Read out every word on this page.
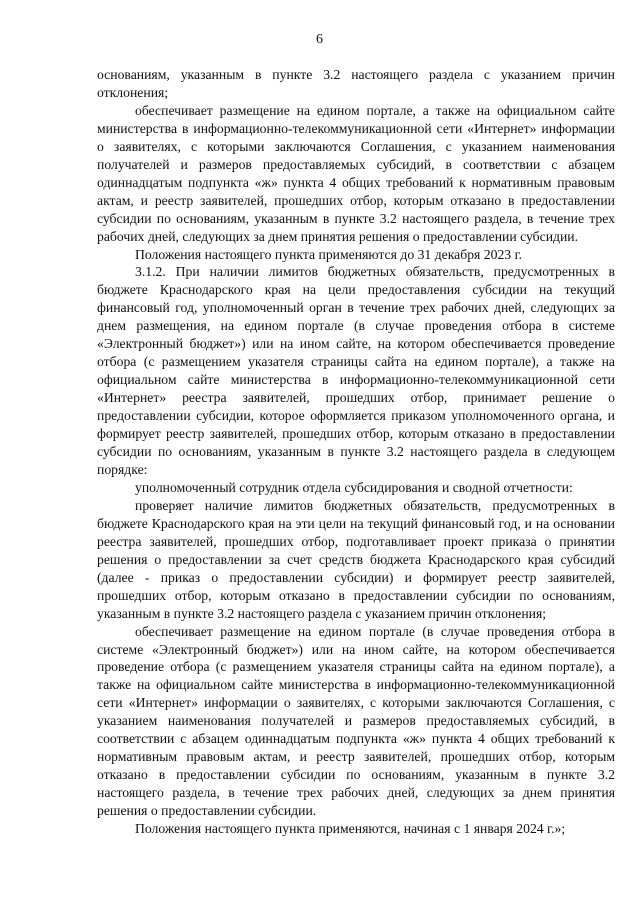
6

основаниям, указанным в пункте 3.2 настоящего раздела с указанием причин отклонения;

обеспечивает размещение на едином портале, а также на официальном сайте министерства в информационно-телекоммуникационной сети «Интернет» информации о заявителях, с которыми заключаются Соглашения, с указанием наименования получателей и размеров предоставляемых субсидий, в соответствии с абзацем одиннадцатым подпункта «ж» пункта 4 общих требований к нормативным правовым актам, и реестр заявителей, прошедших отбор, которым отказано в предоставлении субсидии по основаниям, указанным в пункте 3.2 настоящего раздела, в течение трех рабочих дней, следующих за днем принятия решения о предоставлении субсидии.

Положения настоящего пункта применяются до 31 декабря 2023 г.

3.1.2. При наличии лимитов бюджетных обязательств, предусмотренных в бюджете Краснодарского края на цели предоставления субсидии на текущий финансовый год, уполномоченный орган в течение трех рабочих дней, следующих за днем размещения, на едином портале (в случае проведения отбора в системе «Электронный бюджет») или на ином сайте, на котором обеспечивается проведение отбора (с размещением указателя страницы сайта на едином портале), а также на официальном сайте министерства в информационно-телекоммуникационной сети «Интернет» реестра заявителей, прошедших отбор, принимает решение о предоставлении субсидии, которое оформляется приказом уполномоченного органа, и формирует реестр заявителей, прошедших отбор, которым отказано в предоставлении субсидии по основаниям, указанным в пункте 3.2 настоящего раздела в следующем порядке:

уполномоченный сотрудник отдела субсидирования и сводной отчетности:

проверяет наличие лимитов бюджетных обязательств, предусмотренных в бюджете Краснодарского края на эти цели на текущий финансовый год, и на основании реестра заявителей, прошедших отбор, подготавливает проект приказа о принятии решения о предоставлении за счет средств бюджета Краснодарского края субсидий (далее - приказ о предоставлении субсидии) и формирует реестр заявителей, прошедших отбор, которым отказано в предоставлении субсидии по основаниям, указанным в пункте 3.2 настоящего раздела с указанием причин отклонения;

обеспечивает размещение на едином портале (в случае проведения отбора в системе «Электронный бюджет») или на ином сайте, на котором обеспечивается проведение отбора (с размещением указателя страницы сайта на едином портале), а также на официальном сайте министерства в информационно-телекоммуникационной сети «Интернет» информации о заявителях, с которыми заключаются Соглашения, с указанием наименования получателей и размеров предоставляемых субсидий, в соответствии с абзацем одиннадцатым подпункта «ж» пункта 4 общих требований к нормативным правовым актам, и реестр заявителей, прошедших отбор, которым отказано в предоставлении субсидии по основаниям, указанным в пункте 3.2 настоящего раздела, в течение трех рабочих дней, следующих за днем принятия решения о предоставлении субсидии.

Положения настоящего пункта применяются, начиная с 1 января 2024 г.»;
